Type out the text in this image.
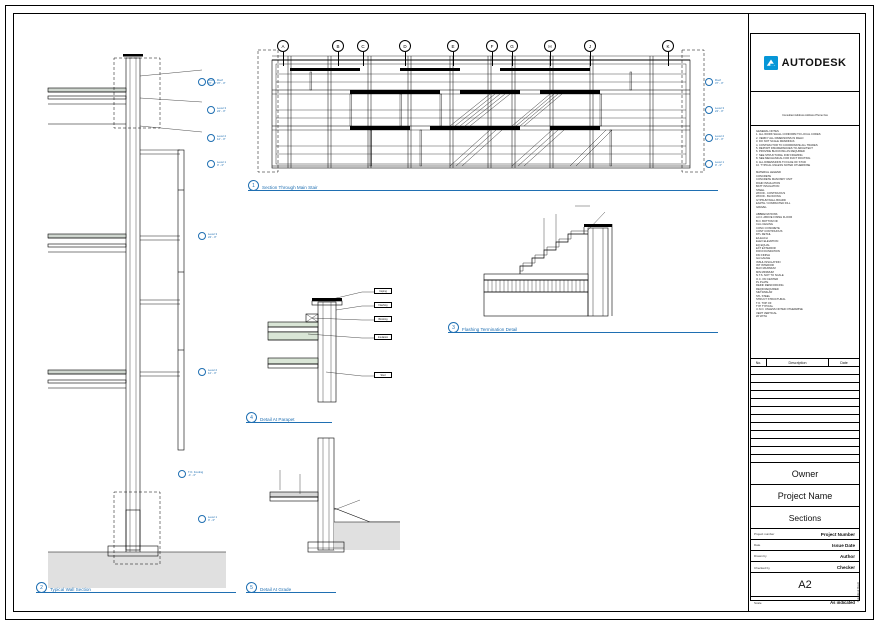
AUTODESK
Consultant Address Address Phone Fax
GENERAL NOTES
1. ALL WORK SHALL CONFORM TO LOCAL CODES
2. VERIFY ALL DIMENSIONS IN FIELD
3. DO NOT SCALE DRAWINGS
4. CONTRACTOR TO COORDINATE ALL TRADES
5. REPORT DISCREPANCIES TO ARCHITECT
6. PROVIDE BLOCKING AS REQUIRED
7. SEE STRUCTURAL FOR FRAMING
8. SEE MECHANICAL FOR DUCT ROUTING
9. ALL DIMENSIONS TO FACE OF STUD
10. TYPICAL UNLESS NOTED OTHERWISE
MATERIAL LEGEND
CONCRETE
CONCRETE MASONRY UNIT
RIGID INSULATION
BATT INSULATION
STEEL
WOOD - CONTINUOUS
WOOD - BLOCKING
GYPSUM WALL BOARD
EARTH / COMPACTED FILL
GRAVEL
ABBREVIATIONS
A.F.F. ABOVE FINISH FLOOR
B.O. BOTTOM OF
CLG CEILING
CONC CONCRETE
CONT CONTINUOUS
DTL DETAIL
EA EACH
ELEV ELEVATION
EQ EQUAL
EXT EXTERIOR
FDN FOUNDATION
FIN FINISH
GA GAUGE
INSUL INSULATION
INT INTERIOR
MAX MAXIMUM
MIN MINIMUM
N.T.S. NOT TO SCALE
O.C. ON CENTER
PL PLATE
REINF REINFORCING
REQD REQUIRED
SIM SIMILAR
STL STEEL
STRUCT STRUCTURAL
T.O. TOP OF
TYP TYPICAL
U.N.O. UNLESS NOTED OTHERWISE
VERT VERTICAL
W/ WITH
No.	Description	Date
Owner
Project Name
Sections
Project number	Project Number
Date	Issue Date
Drawn by	Author
Checked by	Checker
A2
Scale	As indicated
Autodesk Revit
A	B	C	D	E	F	G	H	J	K
Roof
37' - 0"
Level 3
24' - 0"
Level 2
12' - 0"
Level 1
0' - 0"
Roof
37' - 0"
Level 3
24' - 0"
Level 2
12' - 0"
Level 1
0' - 0"
1	Section Through Main Stair
3	Flashing Termination Detail
Coping
Flashing
Blocking
Insulation
Stud
4	Detail At Parapet
Roof
37' - 0"
Level 3
24' - 0"
Level 2
12' - 0"
Level 1
0' - 0"
T.O. Footing
-4' - 0"
2	Typical Wall Section	5	Detail At Grade
